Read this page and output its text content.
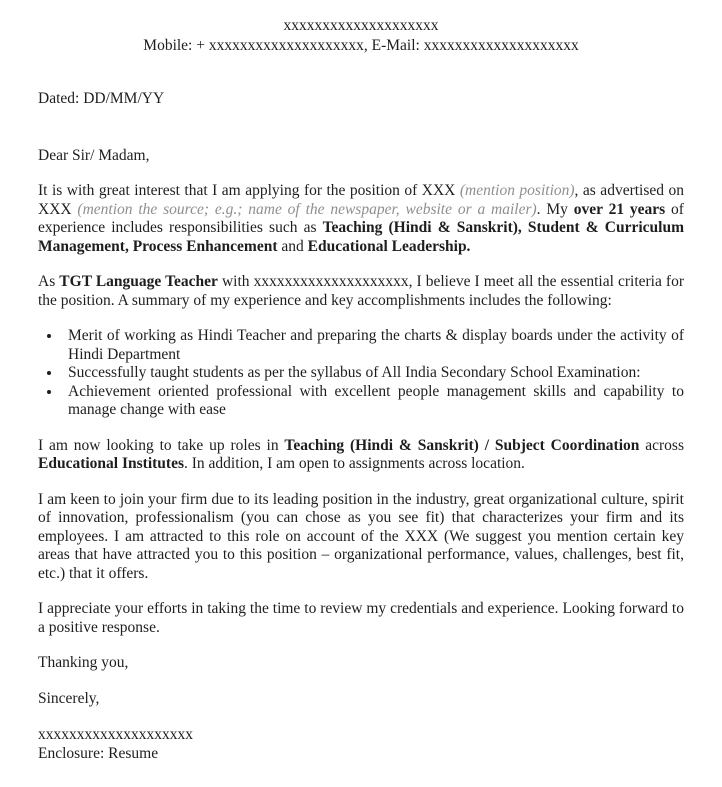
xxxxxxxxxxxxxxxxxxxx
Mobile: + xxxxxxxxxxxxxxxxxxxx, E-Mail: xxxxxxxxxxxxxxxxxxxx
Dated: DD/MM/YY
Dear Sir/ Madam,

It is with great interest that I am applying for the position of XXX (mention position), as advertised on XXX (mention the source; e.g.; name of the newspaper, website or a mailer). My over 21 years of experience includes responsibilities such as Teaching (Hindi & Sanskrit), Student & Curriculum Management, Process Enhancement and Educational Leadership.

As TGT Language Teacher with xxxxxxxxxxxxxxxxxxxx, I believe I meet all the essential criteria for the position. A summary of my experience and key accomplishments includes the following:

• Merit of working as Hindi Teacher and preparing the charts & display boards under the activity of Hindi Department
• Successfully taught students as per the syllabus of All India Secondary School Examination:
• Achievement oriented professional with excellent people management skills and capability to manage change with ease

I am now looking to take up roles in Teaching (Hindi & Sanskrit) / Subject Coordination across Educational Institutes. In addition, I am open to assignments across location.

I am keen to join your firm due to its leading position in the industry, great organizational culture, spirit of innovation, professionalism (you can chose as you see fit) that characterizes your firm and its employees. I am attracted to this role on account of the XXX (We suggest you mention certain key areas that have attracted you to this position – organizational performance, values, challenges, best fit, etc.) that it offers.

I appreciate your efforts in taking the time to review my credentials and experience. Looking forward to a positive response.

Thanking you,

Sincerely,

xxxxxxxxxxxxxxxxxxxx
Enclosure: Resume
